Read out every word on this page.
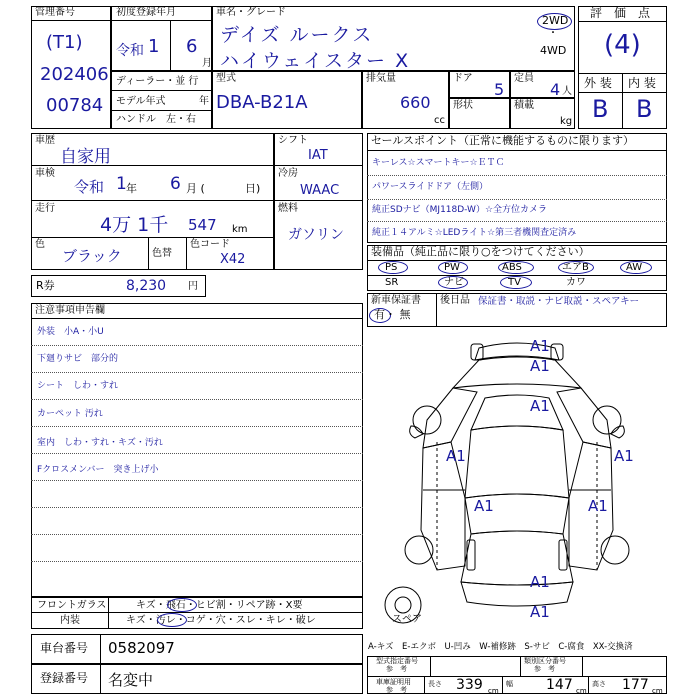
管理番号
(T1)
202406
00784
初度登録年月
令和 1 6
月
ディーラー・並 行
モデル年式	年
ハンドル　左・右
車名・グレード
デイズ ルークス
ハイウェイスター X
2WD
・
4WD
型式
DBA-B21A
排気量
660
cc
ドア
5
定員
4 人
形状	積載
kg
評　価　点
(4)
外 装 内 装
B B
車歴
自家用
車検
令和 1 年 6 月 (	日)
走行
4万 1千 547 km
色
ブラック	色替
色コード
X42
シフト
IAT
冷房
WAAC
燃料
ガソリン
R券	8,230 円
セールスポイント（正常に機能するものに限ります）
キーレス☆スマートキー☆ＥＴＣ
パワースライドドア（左側）
純正SDナビ（MJ118D-W）☆全方位カメラ
純正１４アルミ☆LEDライト☆第三者機関査定済み
装備品（純正品に限り○をつけてください）
PS	PW	ABS	エアB	AW
SR	ナビ	TV	カワ
新車保証書
有・ 無
後日品 保証書・取説・ナビ取説・スペアキー
注意事項申告欄
外装　小A・小U
下廻りサビ　部分的
シート　しわ・すれ
カーペット 汚れ
室内　しわ・すれ・キズ・汚れ
Fクロスメンバー　突き上げ小
A1
A1
A1
A1	A1
A1	A1
A1
A1
スペア
フロントガラス	キズ・飛石・ヒビ割・リペア跡・X要
内装	キズ・汚レ・コゲ・穴・スレ・キレ・破レ
車台番号 0582097
登録番号 名変中
A-キズ　E-エクボ　U-凹み　W-補修跡　S-サビ　C-腐食　XX-交換済
型式指定番号
参　考
類別区分番号
参　考
車庫証明用
参　考
長さ 339 cm
幅 147 cm
高さ 177 cm
